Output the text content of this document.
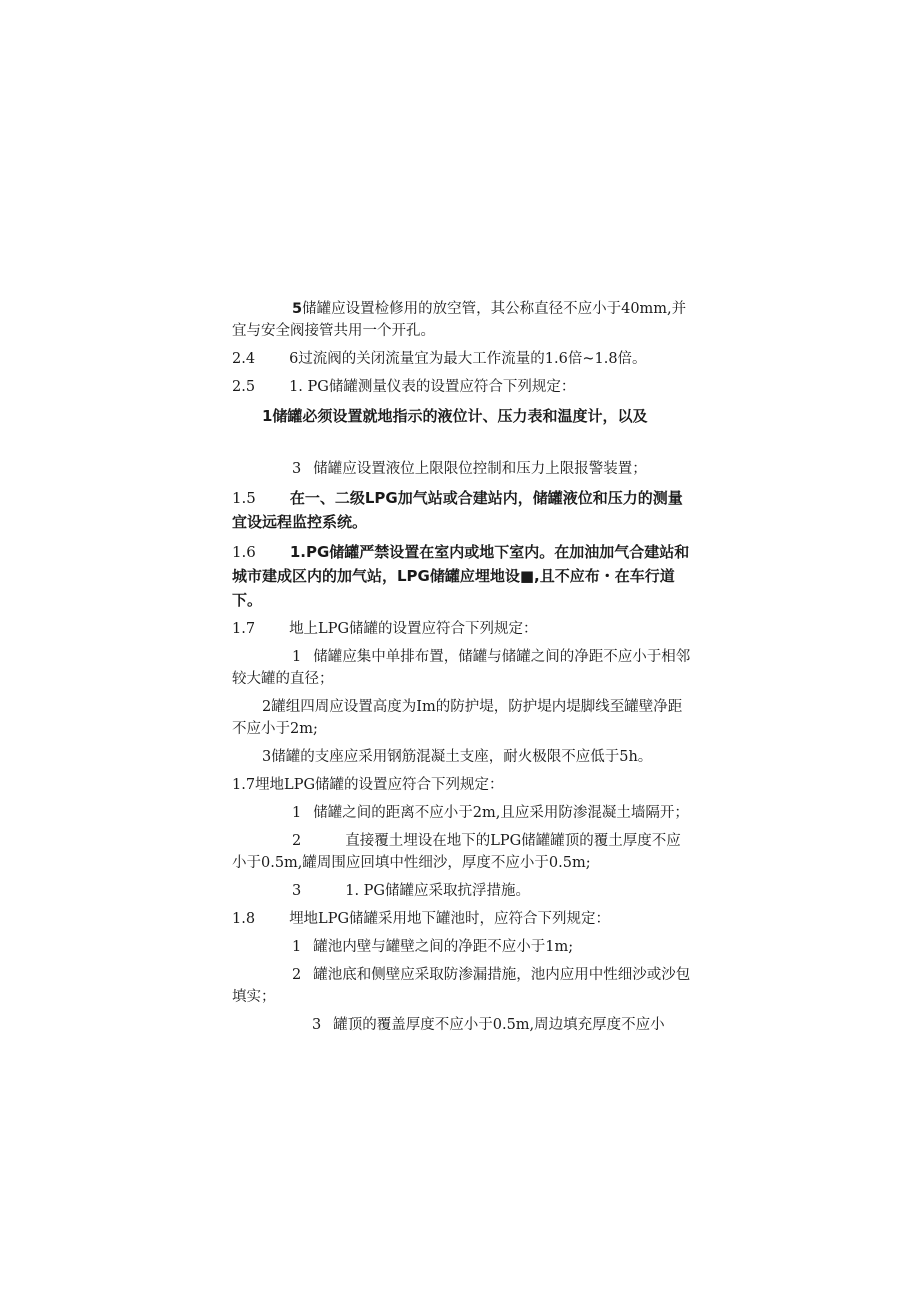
5储罐应设置检修用的放空管，其公称直径不应小于40mm,并宜与安全阀接管共用一个开孔。

2.4 6过流阀的关闭流量宜为最大工作流量的1.6倍~1.8倍。

2.5 1. PG储罐测量仪表的设置应符合下列规定：

1储罐必须设置就地指示的液位计、压力表和温度计，以及

3 储罐应设置液位上限限位控制和压力上限报警装置；

1.5 在一、二级LPG加气站或合建站内，储罐液位和压力的测量宜设远程监控系统。

1.6 1.PG储罐严禁设置在室内或地下室内。在加油加气合建站和城市建成区内的加气站，LPG储罐应埋地设■,且不应布・在车行道下。

1.7 地上LPG储罐的设置应符合下列规定：

1 储罐应集中单排布置，储罐与储罐之间的净距不应小于相邻较大罐的直径；

2罐组四周应设置高度为Im的防护堤，防护堤内堤脚线至罐壁净距不应小于2m;

3储罐的支座应采用钢筋混凝土支座，耐火极限不应低于5h。

1.7埋地LPG储罐的设置应符合下列规定：

1 储罐之间的距离不应小于2m,且应采用防渗混凝土墙隔开；

2	直接覆土埋设在地下的LPG储罐罐顶的覆土厚度不应小于0.5m,罐周围应回填中性细沙，厚度不应小于0.5m;

3	1. PG储罐应采取抗浮措施。

1.8 埋地LPG储罐采用地下罐池时，应符合下列规定：

1 罐池内壁与罐壁之间的净距不应小于1m;

2 罐池底和侧壁应采取防渗漏措施，池内应用中性细沙或沙包填实；

3 罐顶的覆盖厚度不应小于0.5m,周边填充厚度不应小
